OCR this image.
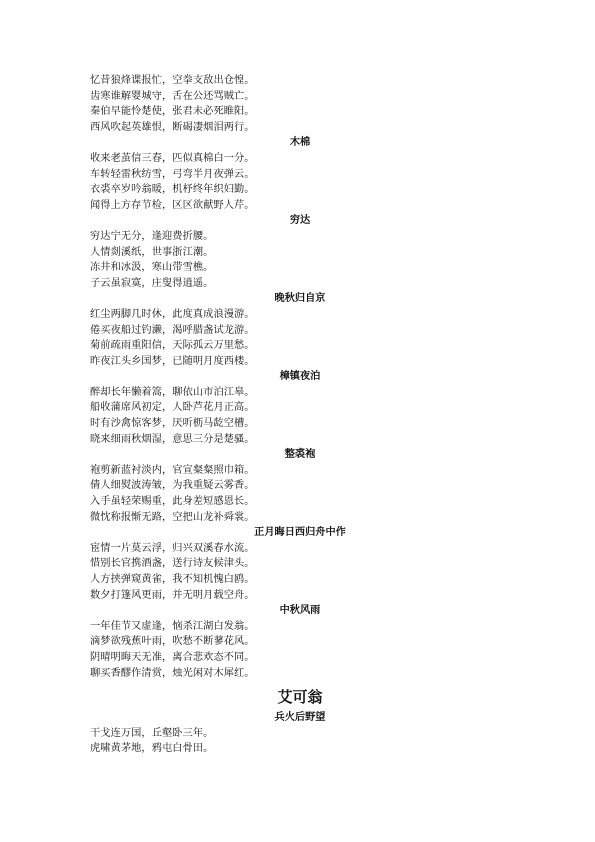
忆昔狼烽谍报忙，空拳支敌出仓惶。
齿寒谁解婴城守，舌在公还骂贼亡。
秦伯早能怜楚使，张君未必死睢阳。
西风吹起英雄恨，断碣凄烟泪两行。
木棉
收来老茧信三春，匹似真棉白一分。
车转轻雷秋纺雪，弓弯半月夜弹云。
衣裘卒岁吟翁暖，机杼终年织妇勤。
闻得上方存节检，区区欲献野人芹。
穷达
穷达宁无分，逢迎费折腰。
人情剡溪纸，世事浙江潮。
冻井和冰汲，寒山带雪樵。
子云虽寂寞，庄叟得逍遥。
晚秋归自京
红尘两脚几时休，此度真成浪漫游。
倦买夜船过钓濑，渴呼腊盏试龙游。
菊前疏雨重阳信，天际孤云万里愁。
昨夜江头乡国梦，已随明月度西楼。
樟镇夜泊
醉却长年懒着篙，聊依山市泊江皋。
船收蒲席风初定，人卧芦花月正高。
时有沙禽惊客梦，厌听枥马龁空槽。
晓来细雨秋烟湿，意思三分是楚骚。
整裘袍
袍剪新蓝衬淡内，官宣粲粲照巾箱。
倩人细熨波涛皱，为我重疑云雾香。
入手虽轻荣赐重，此身差短感恩长。
微忱称报惭无路，空把山龙补舜裳。
正月晦日西归舟中作
宦情一片莫云浮，归兴双溪春水流。
惜别长官携酒盏，送行诗友候津头。
人方挟弹窥黄雀，我不知机愧白鸥。
数夕打篷风更雨，并无明月载空舟。
中秋风雨
一年佳节又虚逢，恼杀江湖白发翁。
滴梦欲残蕉叶雨，吹愁不断蓼花风。
阴晴明晦天无准，离合悲欢态不同。
聊买香醪作清赏，烛光闲对木犀红。
艾可翁
兵火后野望
干戈连万国，丘壑卧三年。
虎啸黄茅地，鸦屯白骨田。
